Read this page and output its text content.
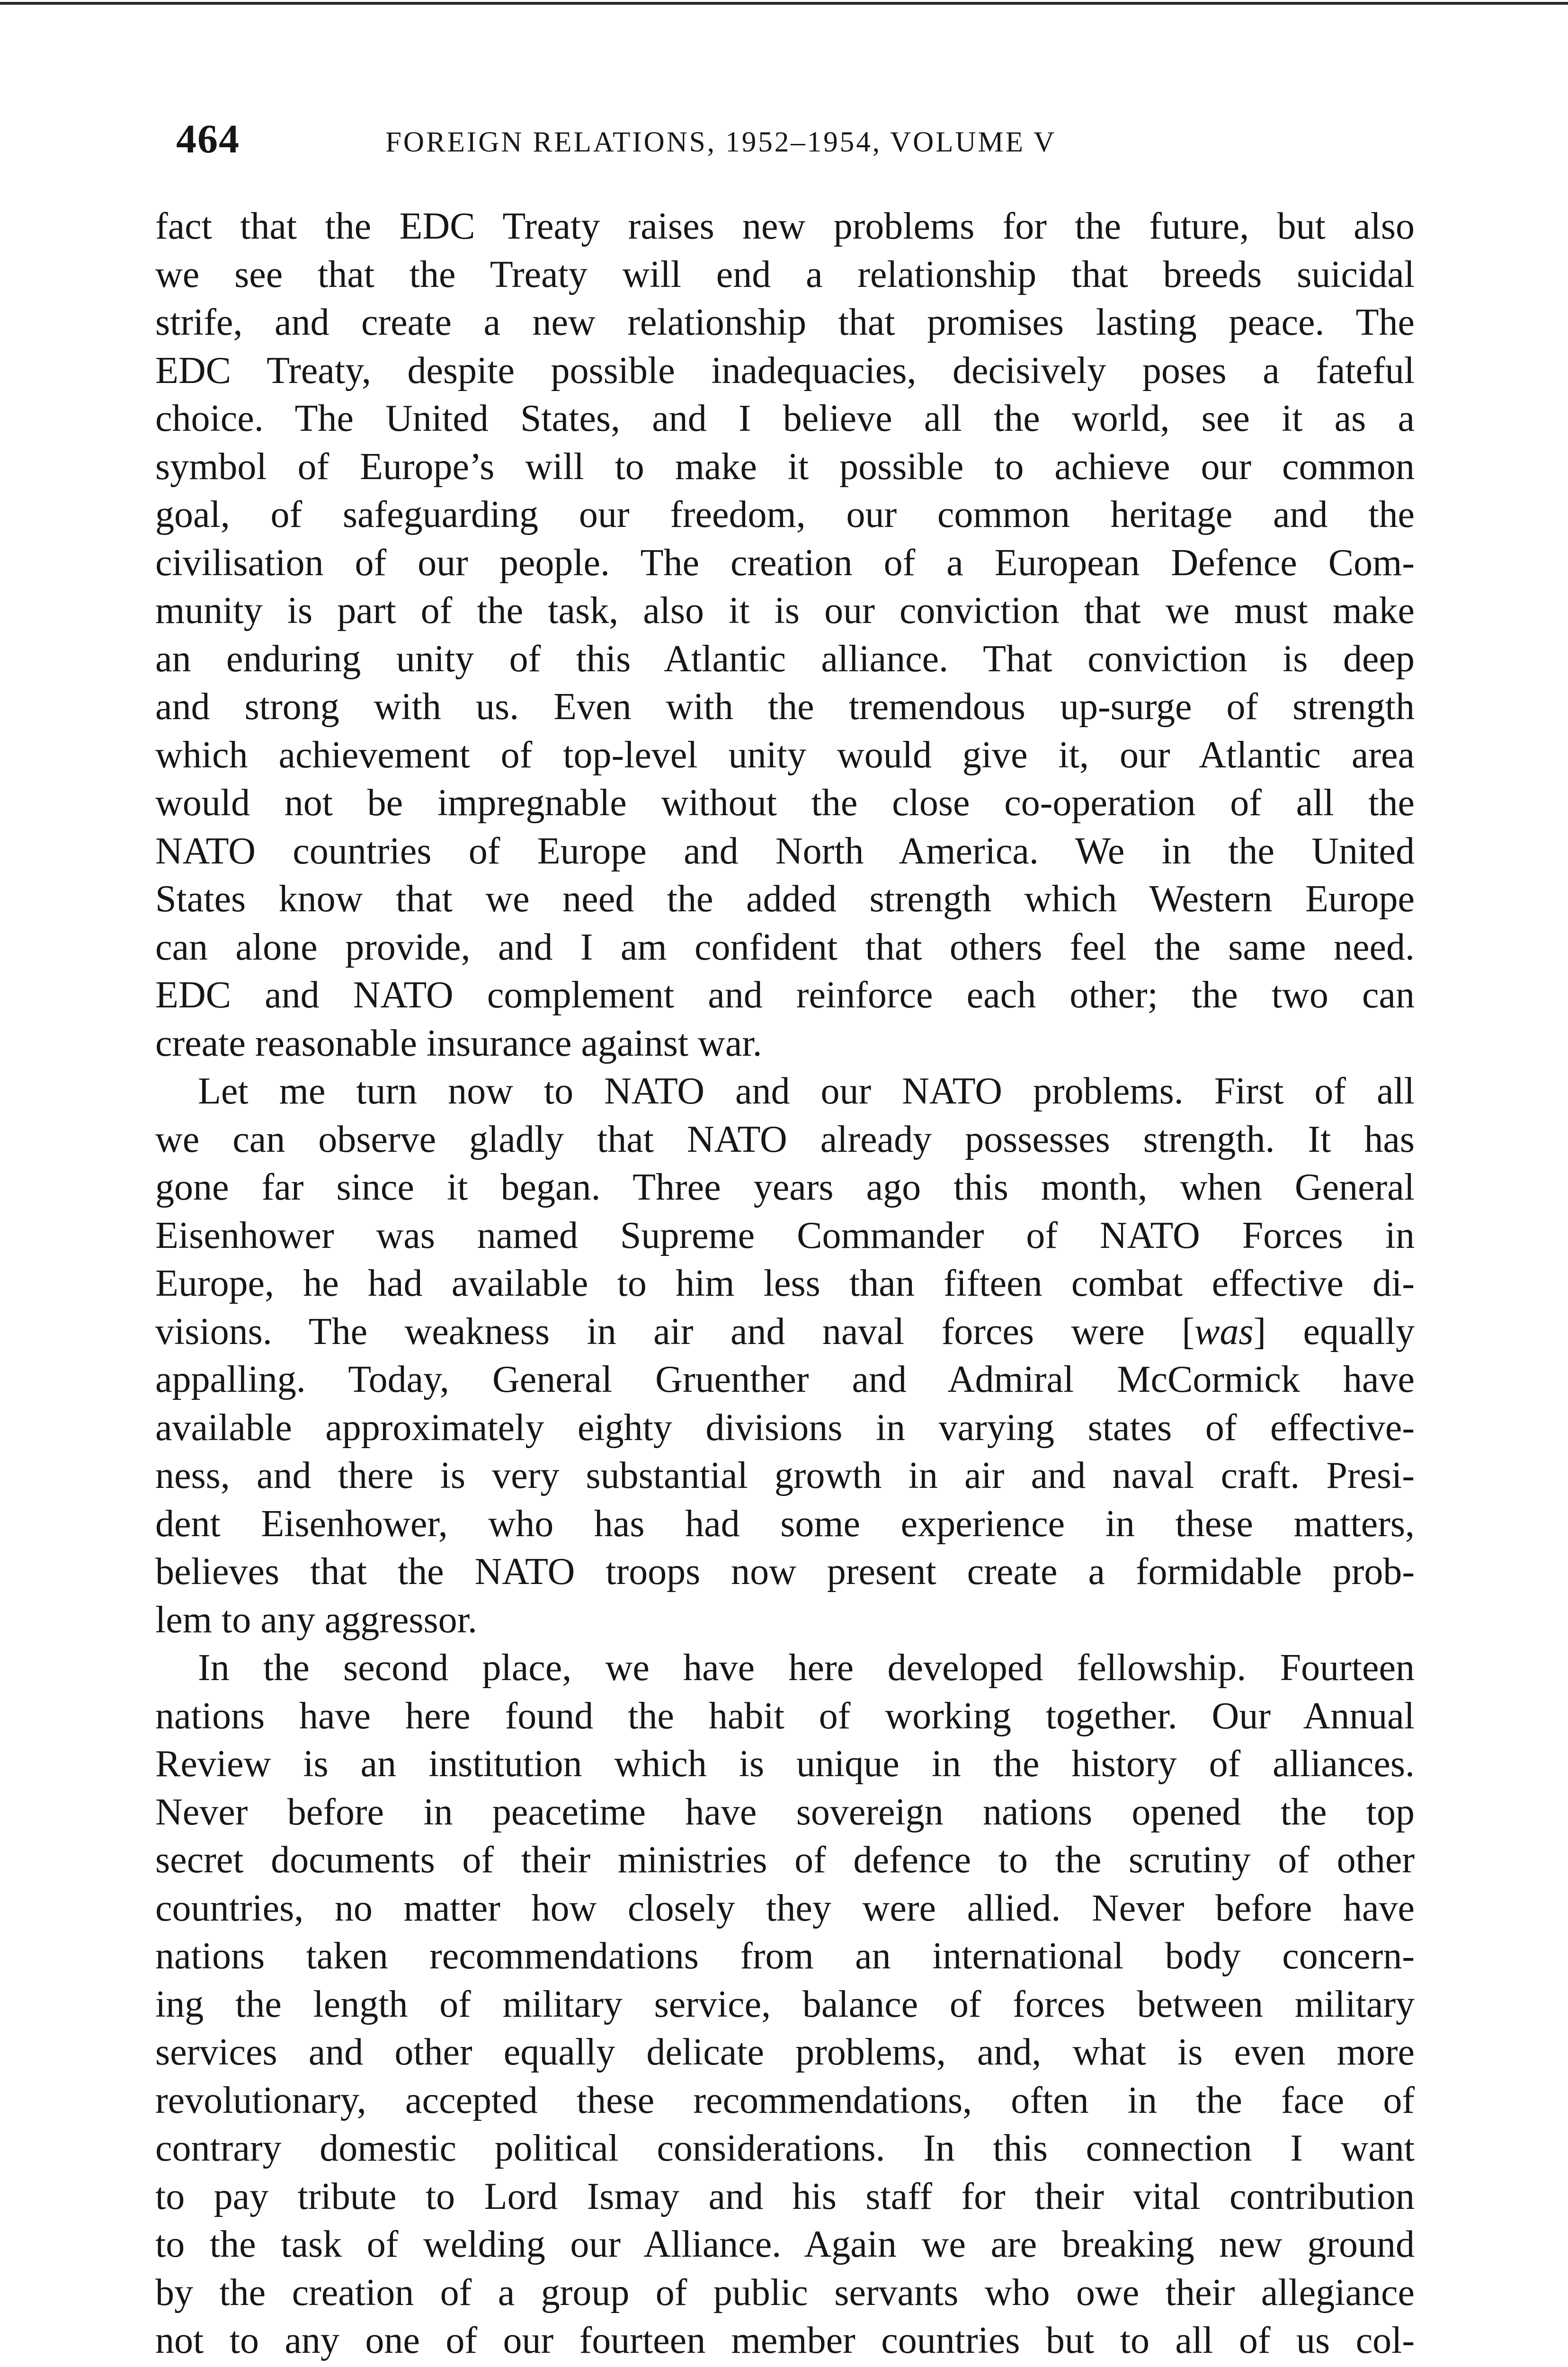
464	FOREIGN RELATIONS, 1952–1954, VOLUME V
fact that the EDC Treaty raises new problems for the future, but also
we see that the Treaty will end a relationship that breeds suicidal
strife, and create a new relationship that promises lasting peace. The
EDC Treaty, despite possible inadequacies, decisively poses a fateful
choice. The United States, and I believe all the world, see it as a
symbol of Europe’s will to make it possible to achieve our common
goal, of safeguarding our freedom, our common heritage and the
civilisation of our people. The creation of a European Defence Com-
munity is part of the task, also it is our conviction that we must make
an enduring unity of this Atlantic alliance. That conviction is deep
and strong with us. Even with the tremendous up-surge of strength
which achievement of top-level unity would give it, our Atlantic area
would not be impregnable without the close co-operation of all the
NATO countries of Europe and North America. We in the United
States know that we need the added strength which Western Europe
can alone provide, and I am confident that others feel the same need.
EDC and NATO complement and reinforce each other; the two can
create reasonable insurance against war.
Let me turn now to NATO and our NATO problems. First of all
we can observe gladly that NATO already possesses strength. It has
gone far since it began. Three years ago this month, when General
Eisenhower was named Supreme Commander of NATO Forces in
Europe, he had available to him less than fifteen combat effective di-
visions. The weakness in air and naval forces were [was] equally
appalling. Today, General Gruenther and Admiral McCormick have
available approximately eighty divisions in varying states of effective-
ness, and there is very substantial growth in air and naval craft. Presi-
dent Eisenhower, who has had some experience in these matters,
believes that the NATO troops now present create a formidable prob-
lem to any aggressor.
In the second place, we have here developed fellowship. Fourteen
nations have here found the habit of working together. Our Annual
Review is an institution which is unique in the history of alliances.
Never before in peacetime have sovereign nations opened the top
secret documents of their ministries of defence to the scrutiny of other
countries, no matter how closely they were allied. Never before have
nations taken recommendations from an international body concern-
ing the length of military service, balance of forces between military
services and other equally delicate problems, and, what is even more
revolutionary, accepted these recommendations, often in the face of
contrary domestic political considerations. In this connection I want
to pay tribute to Lord Ismay and his staff for their vital contribution
to the task of welding our Alliance. Again we are breaking new ground
by the creation of a group of public servants who owe their allegiance
not to any one of our fourteen member countries but to all of us col-
